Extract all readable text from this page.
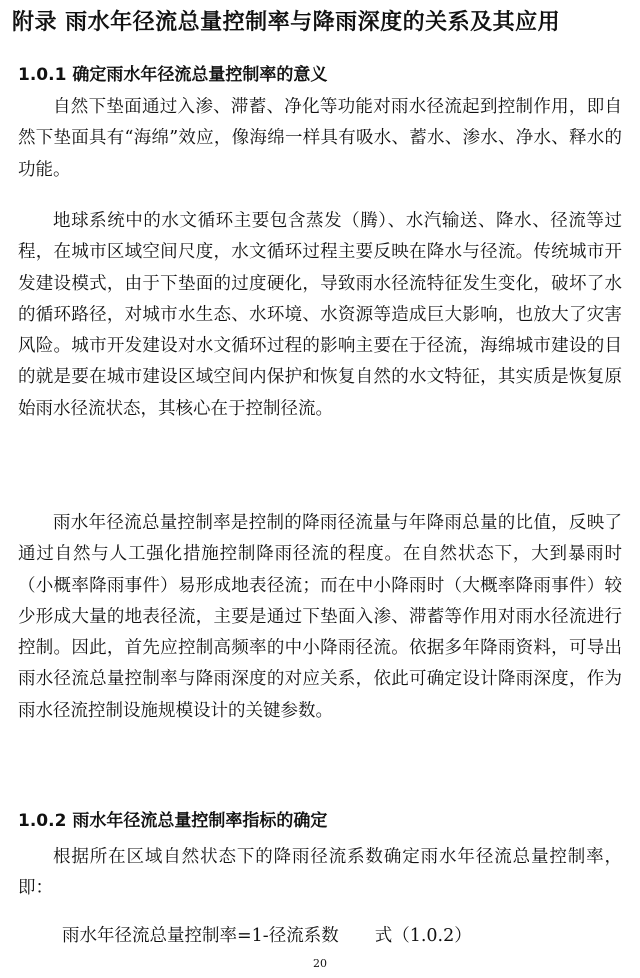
附录 雨水年径流总量控制率与降雨深度的关系及其应用
1.0.1 确定雨水年径流总量控制率的意义

自然下垫面通过入渗、滞蓄、净化等功能对雨水径流起到控制作用，即自然下垫面具有“海绵”效应，像海绵一样具有吸水、蓄水、渗水、净水、释水的功能。

地球系统中的水文循环主要包含蒸发（腾）、水汽输送、降水、径流等过程，在城市区域空间尺度，水文循环过程主要反映在降水与径流。传统城市开发建设模式，由于下垫面的过度硬化，导致雨水径流特征发生变化，破坏了水的循环路径，对城市水生态、水环境、水资源等造成巨大影响，也放大了灾害风险。城市开发建设对水文循环过程的影响主要在于径流，海绵城市建设的目的就是要在城市建设区域空间内保护和恢复自然的水文特征，其实质是恢复原始雨水径流状态，其核心在于控制径流。

雨水年径流总量控制率是控制的降雨径流量与年降雨总量的比值，反映了通过自然与人工强化措施控制降雨径流的程度。在自然状态下，大到暴雨时（小概率降雨事件）易形成地表径流；而在中小降雨时（大概率降雨事件）较少形成大量的地表径流，主要是通过下垫面入渗、滞蓄等作用对雨水径流进行控制。因此，首先应控制高频率的中小降雨径流。依据多年降雨资料，可导出雨水径流总量控制率与降雨深度的对应关系，依此可确定设计降雨深度，作为雨水径流控制设施规模设计的关键参数。

1.0.2 雨水年径流总量控制率指标的确定

根据所在区域自然状态下的降雨径流系数确定雨水年径流总量控制率，即：

雨水年径流总量控制率=1-径流系数 式（1.0.2）
20
